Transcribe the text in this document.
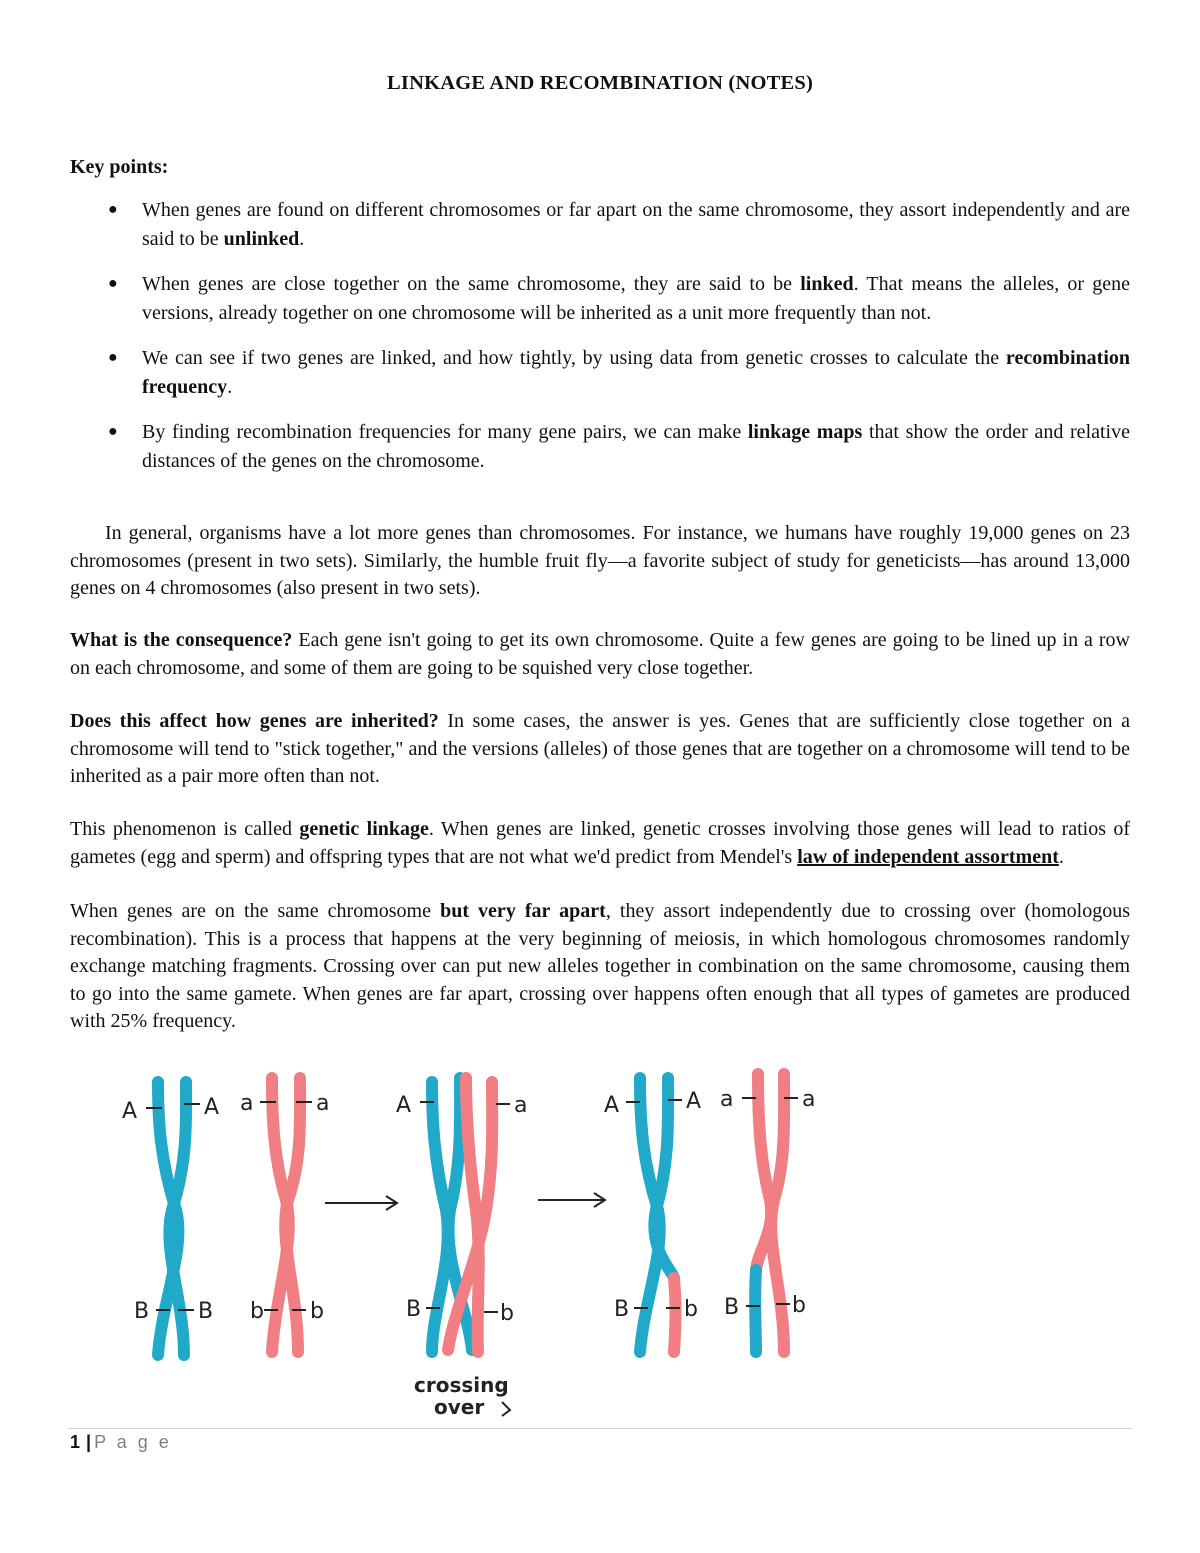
LINKAGE AND RECOMBINATION (NOTES)
Key points:
● When genes are found on different chromosomes or far apart on the same chromosome, they assort independently and are said to be unlinked.
● When genes are close together on the same chromosome, they are said to be linked. That means the alleles, or gene versions, already together on one chromosome will be inherited as a unit more frequently than not.
● We can see if two genes are linked, and how tightly, by using data from genetic crosses to calculate the recombination frequency.
● By finding recombination frequencies for many gene pairs, we can make linkage maps that show the order and relative distances of the genes on the chromosome.
In general, organisms have a lot more genes than chromosomes. For instance, we humans have roughly 19,000 genes on 23 chromosomes (present in two sets). Similarly, the humble fruit fly—a favorite subject of study for geneticists—has around 13,000 genes on 4 chromosomes (also present in two sets).
What is the consequence? Each gene isn't going to get its own chromosome. Quite a few genes are going to be lined up in a row on each chromosome, and some of them are going to be squished very close together.
Does this affect how genes are inherited? In some cases, the answer is yes. Genes that are sufficiently close together on a chromosome will tend to "stick together," and the versions (alleles) of those genes that are together on a chromosome will tend to be inherited as a pair more often than not.
This phenomenon is called genetic linkage. When genes are linked, genetic crosses involving those genes will lead to ratios of gametes (egg and sperm) and offspring types that are not what we'd predict from Mendel's law of independent assortment.
When genes are on the same chromosome but very far apart, they assort independently due to crossing over (homologous recombination). This is a process that happens at the very beginning of meiosis, in which homologous chromosomes randomly exchange matching fragments. Crossing over can put new alleles together in combination on the same chromosome, causing them to go into the same gamete. When genes are far apart, crossing over happens often enough that all types of gametes are produced with 25% frequency.
A	A a	a
B B b b
A	a
B	b
crossing
over
A	A a	a
B b B b
1 | P a g e
